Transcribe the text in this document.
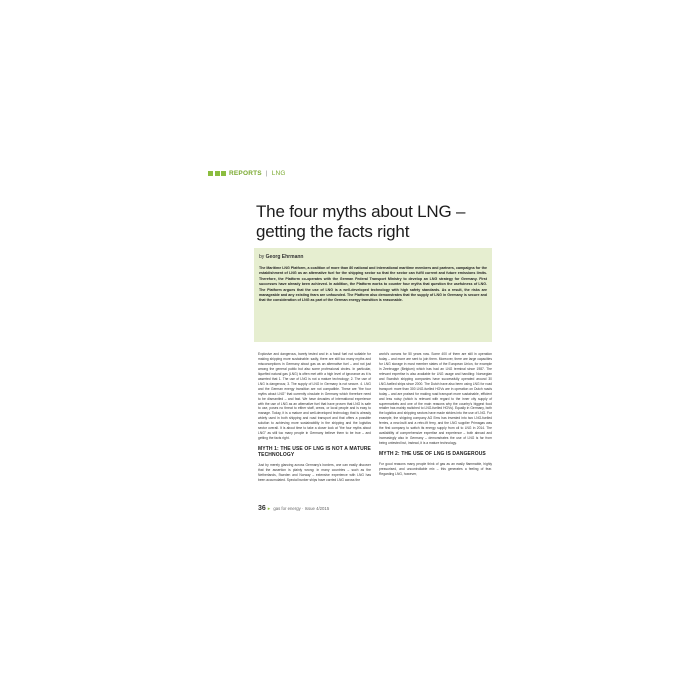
REPORTS | LNG
The four myths about LNG – getting the facts right
by Georg Ehrmann

The Maritime LNG Platform, a coalition of more than 80 national and international maritime members and partners, campaigns for the establishment of LNG as an alternative fuel for the shipping sector so that the sector can fulfil current and future emissions limits. Therefore, the Platform co-operates with the German Federal Transport Ministry to develop an LNG strategy for Germany. First successes have already been achieved. In addition, the Platform works to counter four myths that question the usefulness of LNG. The Platform argues that the use of LNG is a well-developed technology with high safety standards. As a result, the risks are manageable and any existing fears are unfounded. The Platform also demonstrates that the supply of LNG in Germany is secure and that the consideration of LNG as part of the German energy transition is reasonable.

Explosive and dangerous, barely tested and in a fossil fuel not suitable for making shipping more sustainable: sadly, there are still too many myths and misconceptions in Germany about gas as an alternative fuel – and not just among the general public but also some professional circles. In particular, liquefied natural gas (LNG) is often met with a high level of ignorance as it is asserted that 1. The use of LNG is not a mature technology; 2. The use of LNG is dangerous; 3. The supply of LNG in Germany is not secure. 4. LNG and the German energy transition are not compatible. These are "the four myths about LNG" that currently circulate in Germany which therefore need to be dismantled – and fast. We have decades of international experience with the use of LNG as an alternative fuel that have proven that LNG is safe to use, poses no threat to either staff, crews, or local people and is easy to manage. Today, it is a mature and well-developed technology that is already widely used in both shipping and road transport and that offers a possible solution to achieving more sustainability in the shipping and the logistics sector overall. It is about time to take a closer look at "the four myths about LNG" as still too many people in Germany believe them to be true – and getting the facts right.

MYTH 1: THE USE OF LNG IS NOT A MATURE TECHNOLOGY

Just by merely glancing across Germany's borders, one can easily discover that the assertion is plainly wrong: in many countries – such as the Netherlands, Sweden and Norway – extensive experience with LNG has been accumulated. Special bunker ships have carried LNG across the

world's oceans for 50 years now. Some 400 of them are still in operation today – and more are sent to join them. Moreover, there are large capacities for LNG storage in most member states of the European Union, for example in Zeebrugge (Belgium) which has had an LNG terminal since 1987. The relevant expertise is also available for LNG usage and handling: Norwegian and Swedish shipping companies have successfully operated around 30 LNG-fuelled ships since 2000. The Dutch have also been using LNG for road transport: more than 300 LNG-fuelled HGVs are in operation on Dutch roads today – and are praised for making road transport more sustainable, efficient and less noisy (which is relevant with regard to the inner city supply of supermarkets and one of the main reasons why the country's biggest food retailer has mainly switched to LNG-fuelled HGVs). Equally in Germany, both the logistics and shipping sectors have made strides into the use of LNG. For example, the shipping company AG Ems has invested into two LNG-fuelled ferries, a new-built and a retro-fit ferry, and the LNG supplier Primagas was the first company to switch its energy supply from oil to LNG in 2014. The availability of comprehensive expertise and experience – both abroad and increasingly also in Germany – demonstrates the use of LNG is far from being untested but, instead, it is a mature technology.

MYTH 2: THE USE OF LNG IS DANGEROUS

For good reasons many people think of gas as an easily flammable, highly pressurised, and uncontrollable mix – this generates a feeling of fear. Regarding LNG, however,

36 ▸ gas for energy · Issue 4/2015
